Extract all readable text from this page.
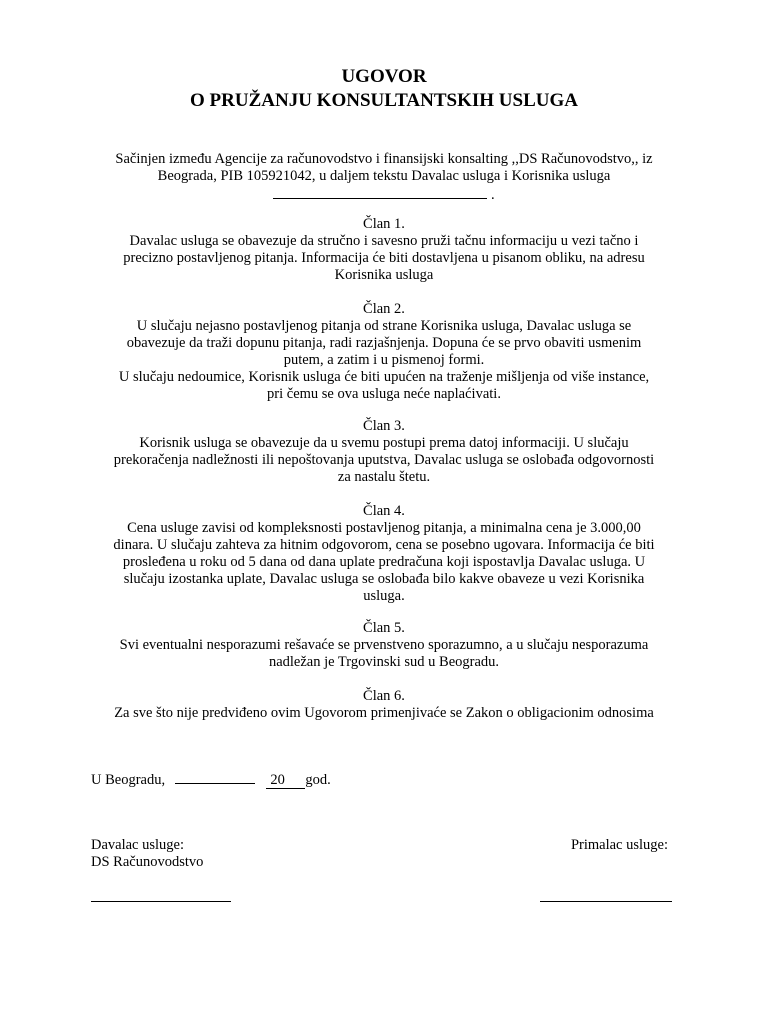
UGOVOR
O PRUŽANJU KONSULTANTSKIH USLUGA
Sačinjen između Agencije za računovodstvo i finansijski konsalting ,,DS Računovodstvo,, iz
Beograda, PIB 105921042, u daljem tekstu Davalac usluga i Korisnika usluga
.
Član 1.
Davalac usluga se obavezuje da stručno i savesno pruži tačnu informaciju u vezi tačno i
precizno postavljenog pitanja. Informacija će biti dostavljena u pisanom obliku, na adresu
Korisnika usluga
Član 2.
U slučaju nejasno postavljenog pitanja od strane Korisnika usluga, Davalac usluga se
obavezuje da traži dopunu pitanja, radi razjašnjenja. Dopuna će se prvo obaviti usmenim
putem, a zatim i u pismenoj formi.
U slučaju nedoumice, Korisnik usluga će biti upućen na traženje mišljenja od više instance,
pri čemu se ova usluga neće naplaćivati.
Član 3.
Korisnik usluga se obavezuje da u svemu postupi prema datoj informaciji. U slučaju
prekoračenja nadležnosti ili nepoštovanja uputstva, Davalac usluga se oslobađa odgovornosti
za nastalu štetu.
Član 4.
Cena usluge zavisi od kompleksnosti postavljenog pitanja, a minimalna cena je 3.000,00
dinara. U slučaju zahteva za hitnim odgovorom, cena se posebno ugovara. Informacija će biti
prosleđena u roku od 5 dana od dana uplate predračuna koji ispostavlja Davalac usluga. U
slučaju izostanka uplate, Davalac usluga se oslobađa bilo kakve obaveze u vezi Korisnika
usluga.
Član 5.
Svi eventualni nesporazumi rešavaće se prvenstveno sporazumno, a u slučaju nesporazuma
nadležan je Trgovinski sud u Beogradu.
Član 6.
Za sve što nije predviđeno ovim Ugovorom primenjivaće se Zakon o obligacionim odnosima
U Beogradu,	20 god.
Davalac usluge:
DS Računovodstvo
Primalac usluge:
